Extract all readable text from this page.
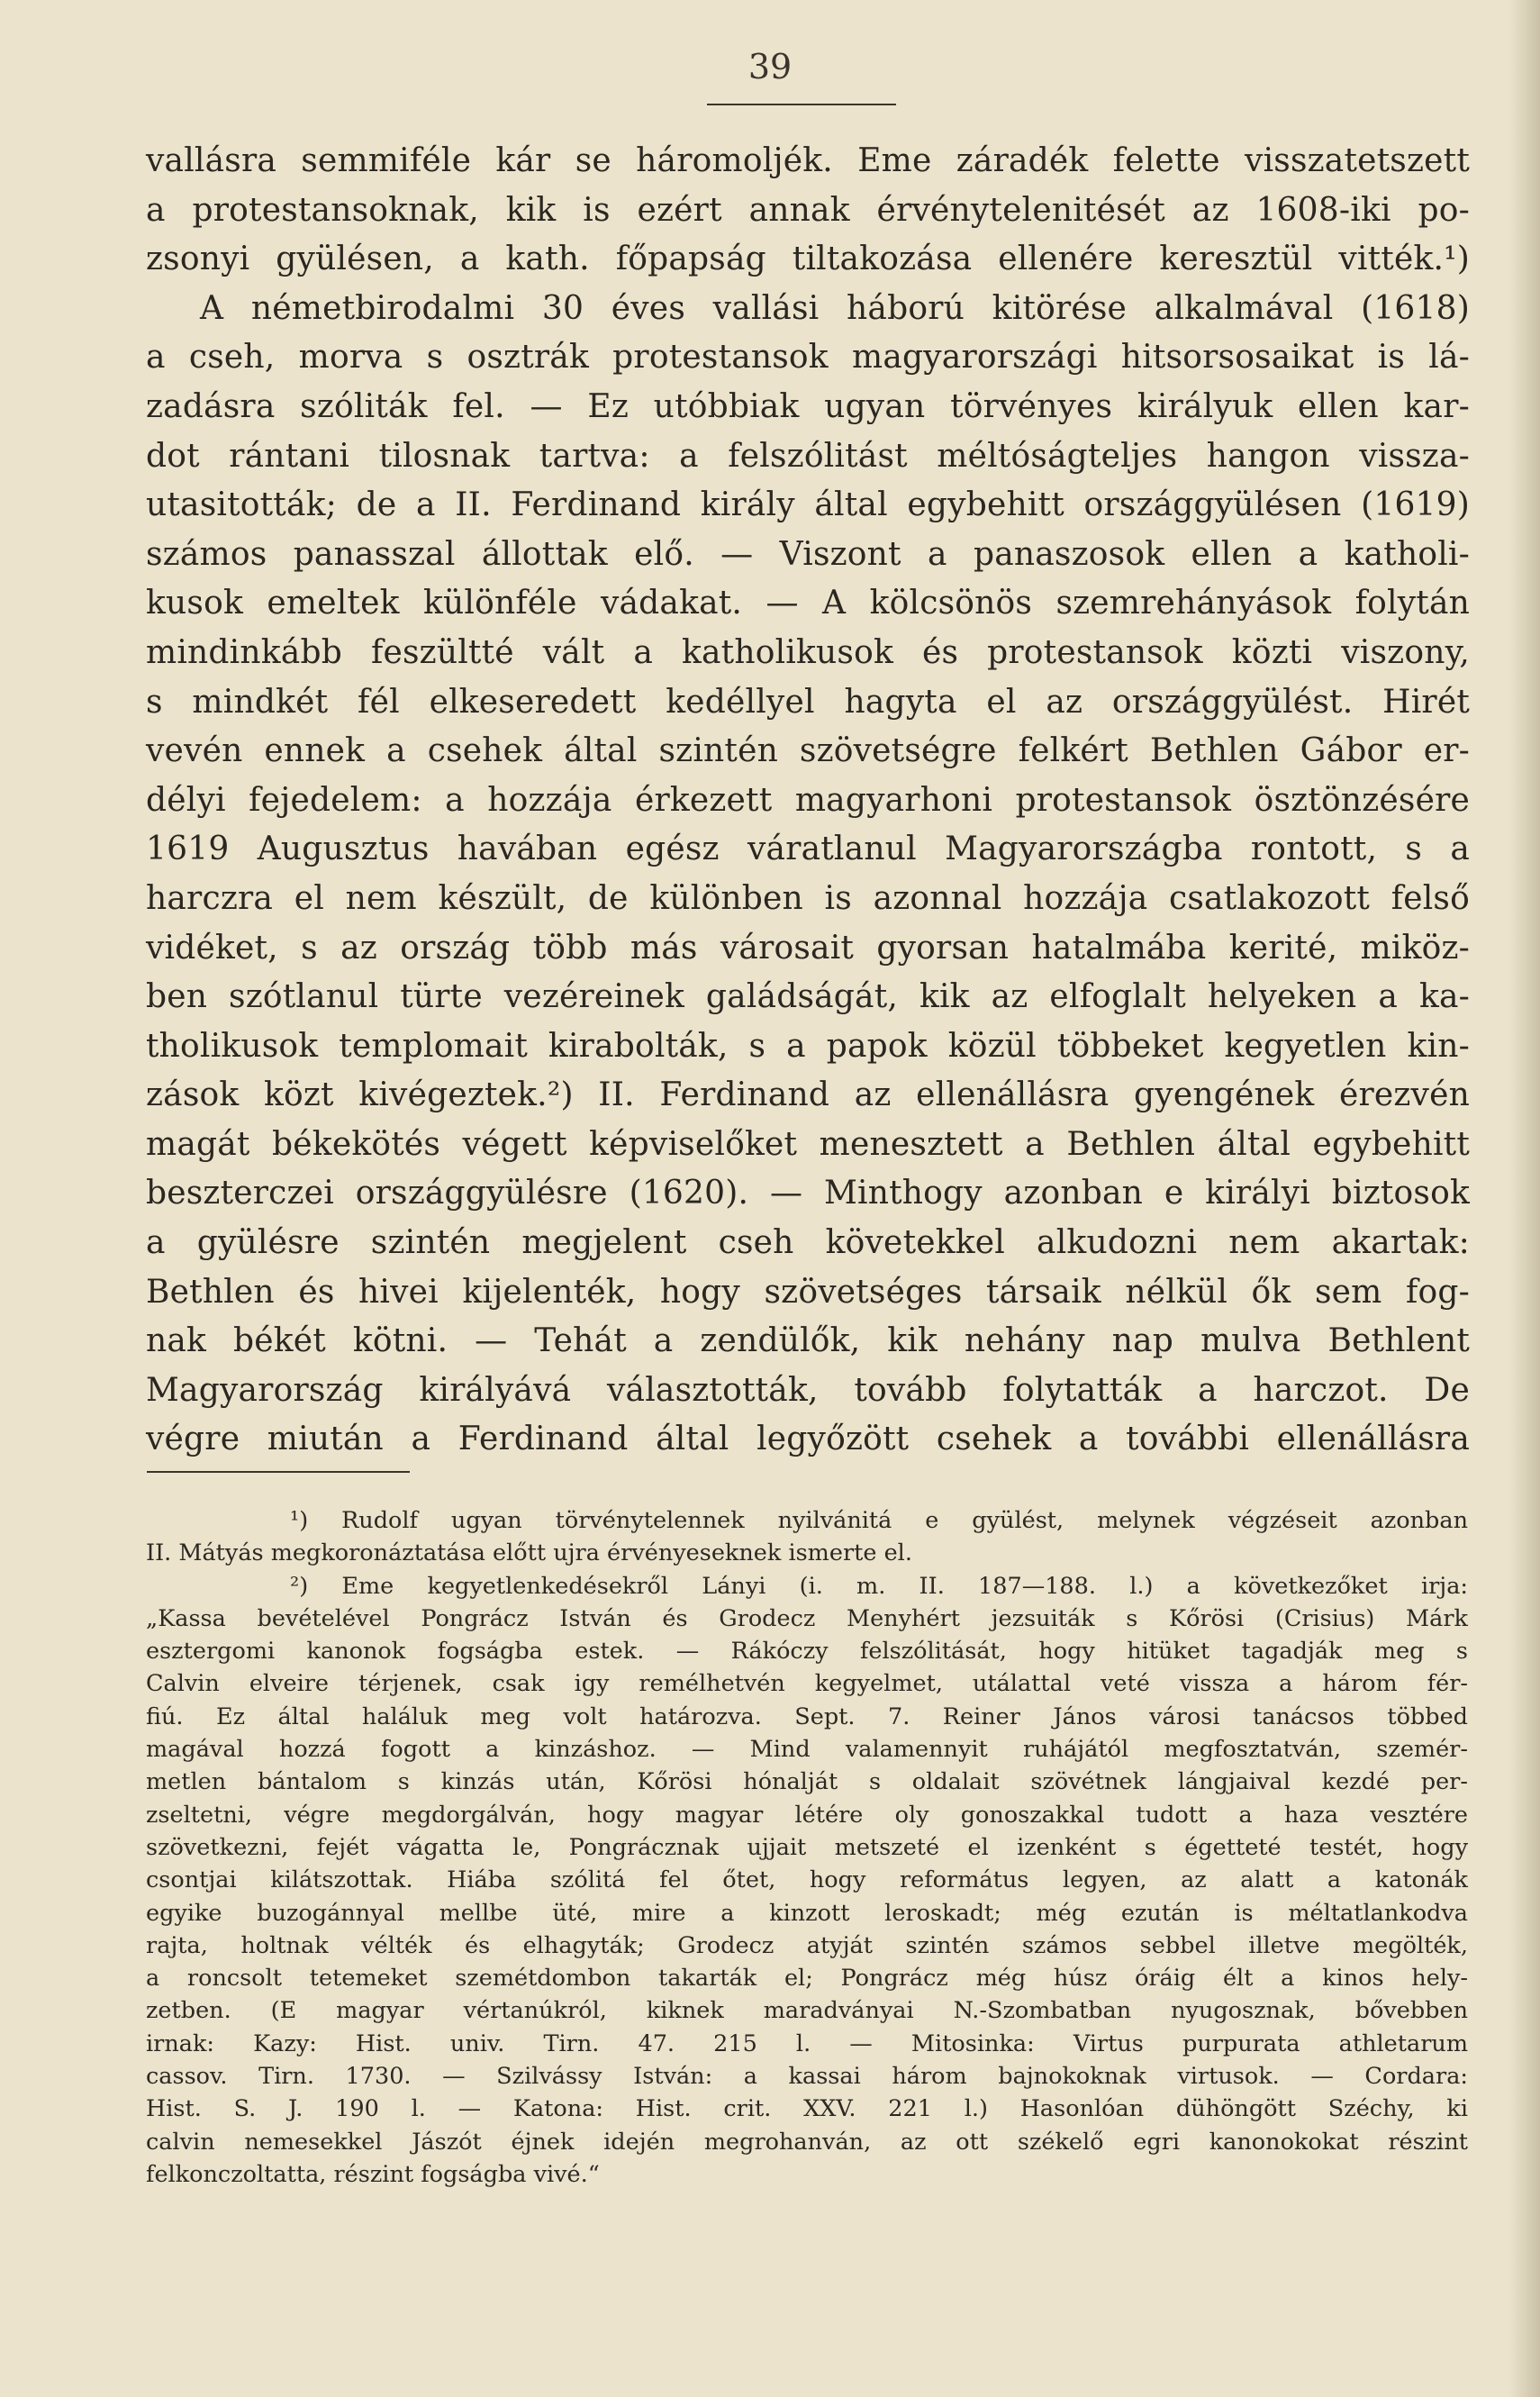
39
vallásra semmiféle kár se háromoljék. Eme záradék felette visszatetszett
a protestansoknak, kik is ezért annak érvénytelenitését az 1608-iki po-
zsonyi gyülésen, a kath. főpapság tiltakozása ellenére keresztül vitték.¹)
A németbirodalmi 30 éves vallási háború kitörése alkalmával (1618)
a cseh, morva s osztrák protestansok magyarországi hitsorsosaikat is lá-
zadásra szóliták fel. — Ez utóbbiak ugyan törvényes királyuk ellen kar-
dot rántani tilosnak tartva: a felszólitást méltóságteljes hangon vissza-
utasitották; de a II. Ferdinand király által egybehitt országgyülésen (1619)
számos panasszal állottak elő. — Viszont a panaszosok ellen a katholi-
kusok emeltek különféle vádakat. — A kölcsönös szemrehányások folytán
mindinkább feszültté vált a katholikusok és protestansok közti viszony,
s mindkét fél elkeseredett kedéllyel hagyta el az országgyülést. Hirét
vevén ennek a csehek által szintén szövetségre felkért Bethlen Gábor er-
délyi fejedelem: a hozzája érkezett magyarhoni protestansok ösztönzésére
1619 Augusztus havában egész váratlanul Magyarországba rontott, s a
harczra el nem készült, de különben is azonnal hozzája csatlakozott felső
vidéket, s az ország több más városait gyorsan hatalmába kerité, miköz-
ben szótlanul türte vezéreinek galádságát, kik az elfoglalt helyeken a ka-
tholikusok templomait kirabolták, s a papok közül többeket kegyetlen kin-
zások közt kivégeztek.²) II. Ferdinand az ellenállásra gyengének érezvén
magát békekötés végett képviselőket menesztett a Bethlen által egybehitt
beszterczei országgyülésre (1620). — Minthogy azonban e királyi biztosok
a gyülésre szintén megjelent cseh követekkel alkudozni nem akartak:
Bethlen és hivei kijelenték, hogy szövetséges társaik nélkül ők sem fog-
nak békét kötni. — Tehát a zendülők, kik nehány nap mulva Bethlent
Magyarország királyává választották, tovább folytatták a harczot. De
végre miután a Ferdinand által legyőzött csehek a további ellenállásra
¹) Rudolf ugyan törvénytelennek nyilvánitá e gyülést, melynek végzéseit azonban
II. Mátyás megkoronáztatása előtt ujra érvényeseknek ismerte el.
²) Eme kegyetlenkedésekről Lányi (i. m. II. 187—188. l.) a következőket irja:
„Kassa bevételével Pongrácz István és Grodecz Menyhért jezsuiták s Kőrösi (Crisius) Márk
esztergomi kanonok fogságba estek. — Rákóczy felszólitását, hogy hitüket tagadják meg s
Calvin elveire térjenek, csak igy remélhetvén kegyelmet, utálattal veté vissza a három fér-
fiú. Ez által haláluk meg volt határozva. Sept. 7. Reiner János városi tanácsos többed
magával hozzá fogott a kinzáshoz. — Mind valamennyit ruhájától megfosztatván, szemér-
metlen bántalom s kinzás után, Kőrösi hónalját s oldalait szövétnek lángjaival kezdé per-
zseltetni, végre megdorgálván, hogy magyar létére oly gonoszakkal tudott a haza vesztére
szövetkezni, fejét vágatta le, Pongrácznak ujjait metszeté el izenként s égetteté testét, hogy
csontjai kilátszottak. Hiába szólitá fel őtet, hogy református legyen, az alatt a katonák
egyike buzogánnyal mellbe üté, mire a kinzott leroskadt; még ezután is méltatlankodva
rajta, holtnak vélték és elhagyták; Grodecz atyját szintén számos sebbel illetve megölték,
a roncsolt tetemeket szemétdombon takarták el; Pongrácz még húsz óráig élt a kinos hely-
zetben. (E magyar vértanúkról, kiknek maradványai N.-Szombatban nyugosznak, bővebben
irnak: Kazy: Hist. univ. Tirn. 47. 215 l. — Mitosinka: Virtus purpurata athletarum
cassov. Tirn. 1730. — Szilvássy István: a kassai három bajnokoknak virtusok. — Cordara:
Hist. S. J. 190 l. — Katona: Hist. crit. XXV. 221 l.) Hasonlóan dühöngött Széchy, ki
calvin nemesekkel Jászót éjnek idején megrohanván, az ott székelő egri kanonokokat részint
felkonczoltatta, részint fogságba vivé.“
